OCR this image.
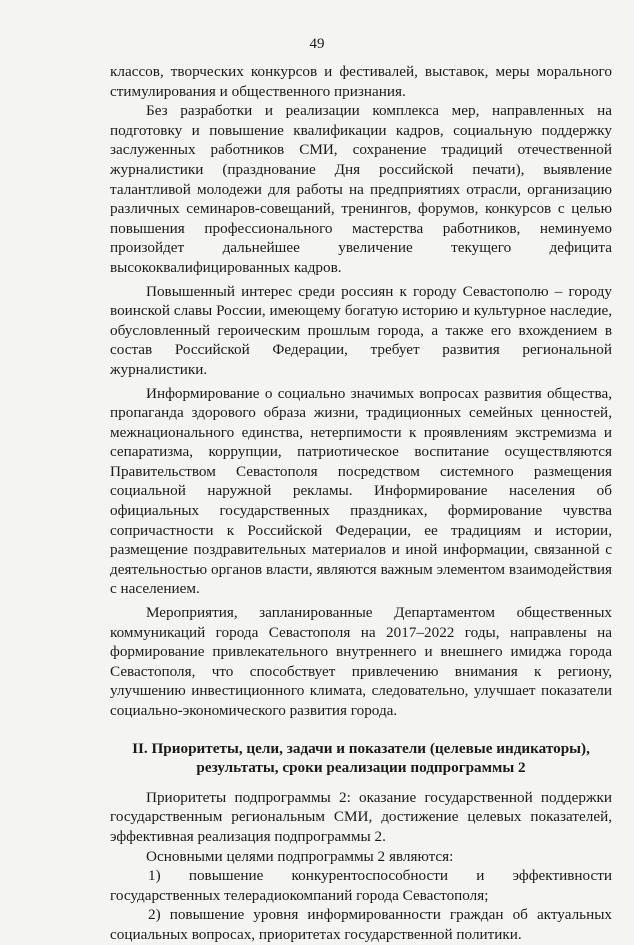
49

классов, творческих конкурсов и фестивалей, выставок, меры морального стимулирования и общественного признания.

Без разработки и реализации комплекса мер, направленных на подготовку и повышение квалификации кадров, социальную поддержку заслуженных работников СМИ, сохранение традиций отечественной журналистики (празднование Дня российской печати), выявление талантливой молодежи для работы на предприятиях отрасли, организацию различных семинаров-совещаний, тренингов, форумов, конкурсов с целью повышения профессионального мастерства работников, неминуемо произойдет дальнейшее увеличение текущего дефицита высококвалифицированных кадров.

Повышенный интерес среди россиян к городу Севастополю – городу воинской славы России, имеющему богатую историю и культурное наследие, обусловленный героическим прошлым города, а также его вхождением в состав Российской Федерации, требует развития региональной журналистики.

Информирование о социально значимых вопросах развития общества, пропаганда здорового образа жизни, традиционных семейных ценностей, межнационального единства, нетерпимости к проявлениям экстремизма и сепаратизма, коррупции, патриотическое воспитание осуществляются Правительством Севастополя посредством системного размещения социальной наружной рекламы. Информирование населения об официальных государственных праздниках, формирование чувства сопричастности к Российской Федерации, ее традициям и истории, размещение поздравительных материалов и иной информации, связанной с деятельностью органов власти, являются важным элементом взаимодействия с населением.

Мероприятия, запланированные Департаментом общественных коммуникаций города Севастополя на 2017–2022 годы, направлены на формирование привлекательного внутреннего и внешнего имиджа города Севастополя, что способствует привлечению внимания к региону, улучшению инвестиционного климата, следовательно, улучшает показатели социально-экономического развития города.

II. Приоритеты, цели, задачи и показатели (целевые индикаторы),
результаты, сроки реализации подпрограммы 2

Приоритеты подпрограммы 2: оказание государственной поддержки государственным региональным СМИ, достижение целевых показателей, эффективная реализация подпрограммы 2.

Основными целями подпрограммы 2 являются:

1) повышение конкурентоспособности и эффективности государственных телерадиокомпаний города Севастополя;

2) повышение уровня информированности граждан об актуальных социальных вопросах, приоритетах государственной политики.
